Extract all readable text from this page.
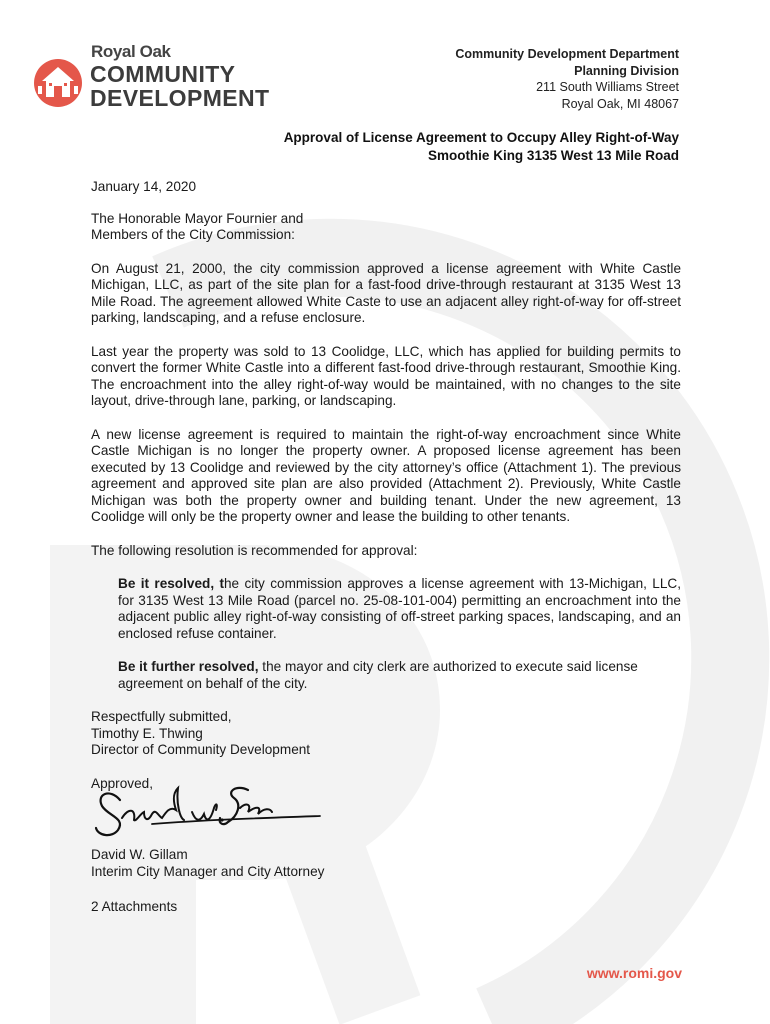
Royal Oak
COMMUNITY
DEVELOPMENT
Community Development Department
Planning Division
211 South Williams Street
Royal Oak, MI 48067
Approval of License Agreement to Occupy Alley Right-of-Way
Smoothie King 3135 West 13 Mile Road

January 14, 2020

The Honorable Mayor Fournier and

Members of the City Commission:

On August 21, 2000, the city commission approved a license agreement with White Castle Michigan, LLC, as part of the site plan for a fast-food drive-through restaurant at 3135 West 13 Mile Road. The agreement allowed White Caste to use an adjacent alley right-of-way for off-street parking, landscaping, and a refuse enclosure.

Last year the property was sold to 13 Coolidge, LLC, which has applied for building permits to convert the former White Castle into a different fast-food drive-through restaurant, Smoothie King. The encroachment into the alley right-of-way would be maintained, with no changes to the site layout, drive-through lane, parking, or landscaping.

A new license agreement is required to maintain the right-of-way encroachment since White Castle Michigan is no longer the property owner. A proposed license agreement has been executed by 13 Coolidge and reviewed by the city attorney’s office (Attachment 1). The previous agreement and approved site plan are also provided (Attachment 2). Previously, White Castle Michigan was both the property owner and building tenant. Under the new agreement, 13 Coolidge will only be the property owner and lease the building to other tenants.

The following resolution is recommended for approval:

Be it resolved, the city commission approves a license agreement with 13-Michigan, LLC, for 3135 West 13 Mile Road (parcel no. 25-08-101-004) permitting an encroachment into the adjacent public alley right-of-way consisting of off-street parking spaces, landscaping, and an enclosed refuse container.

Be it further resolved, the mayor and city clerk are authorized to execute said license agreement on behalf of the city.

Respectfully submitted,

Timothy E. Thwing

Director of Community Development

Approved,

David W. Gillam

Interim City Manager and City Attorney

2 Attachments
www.romi.gov
